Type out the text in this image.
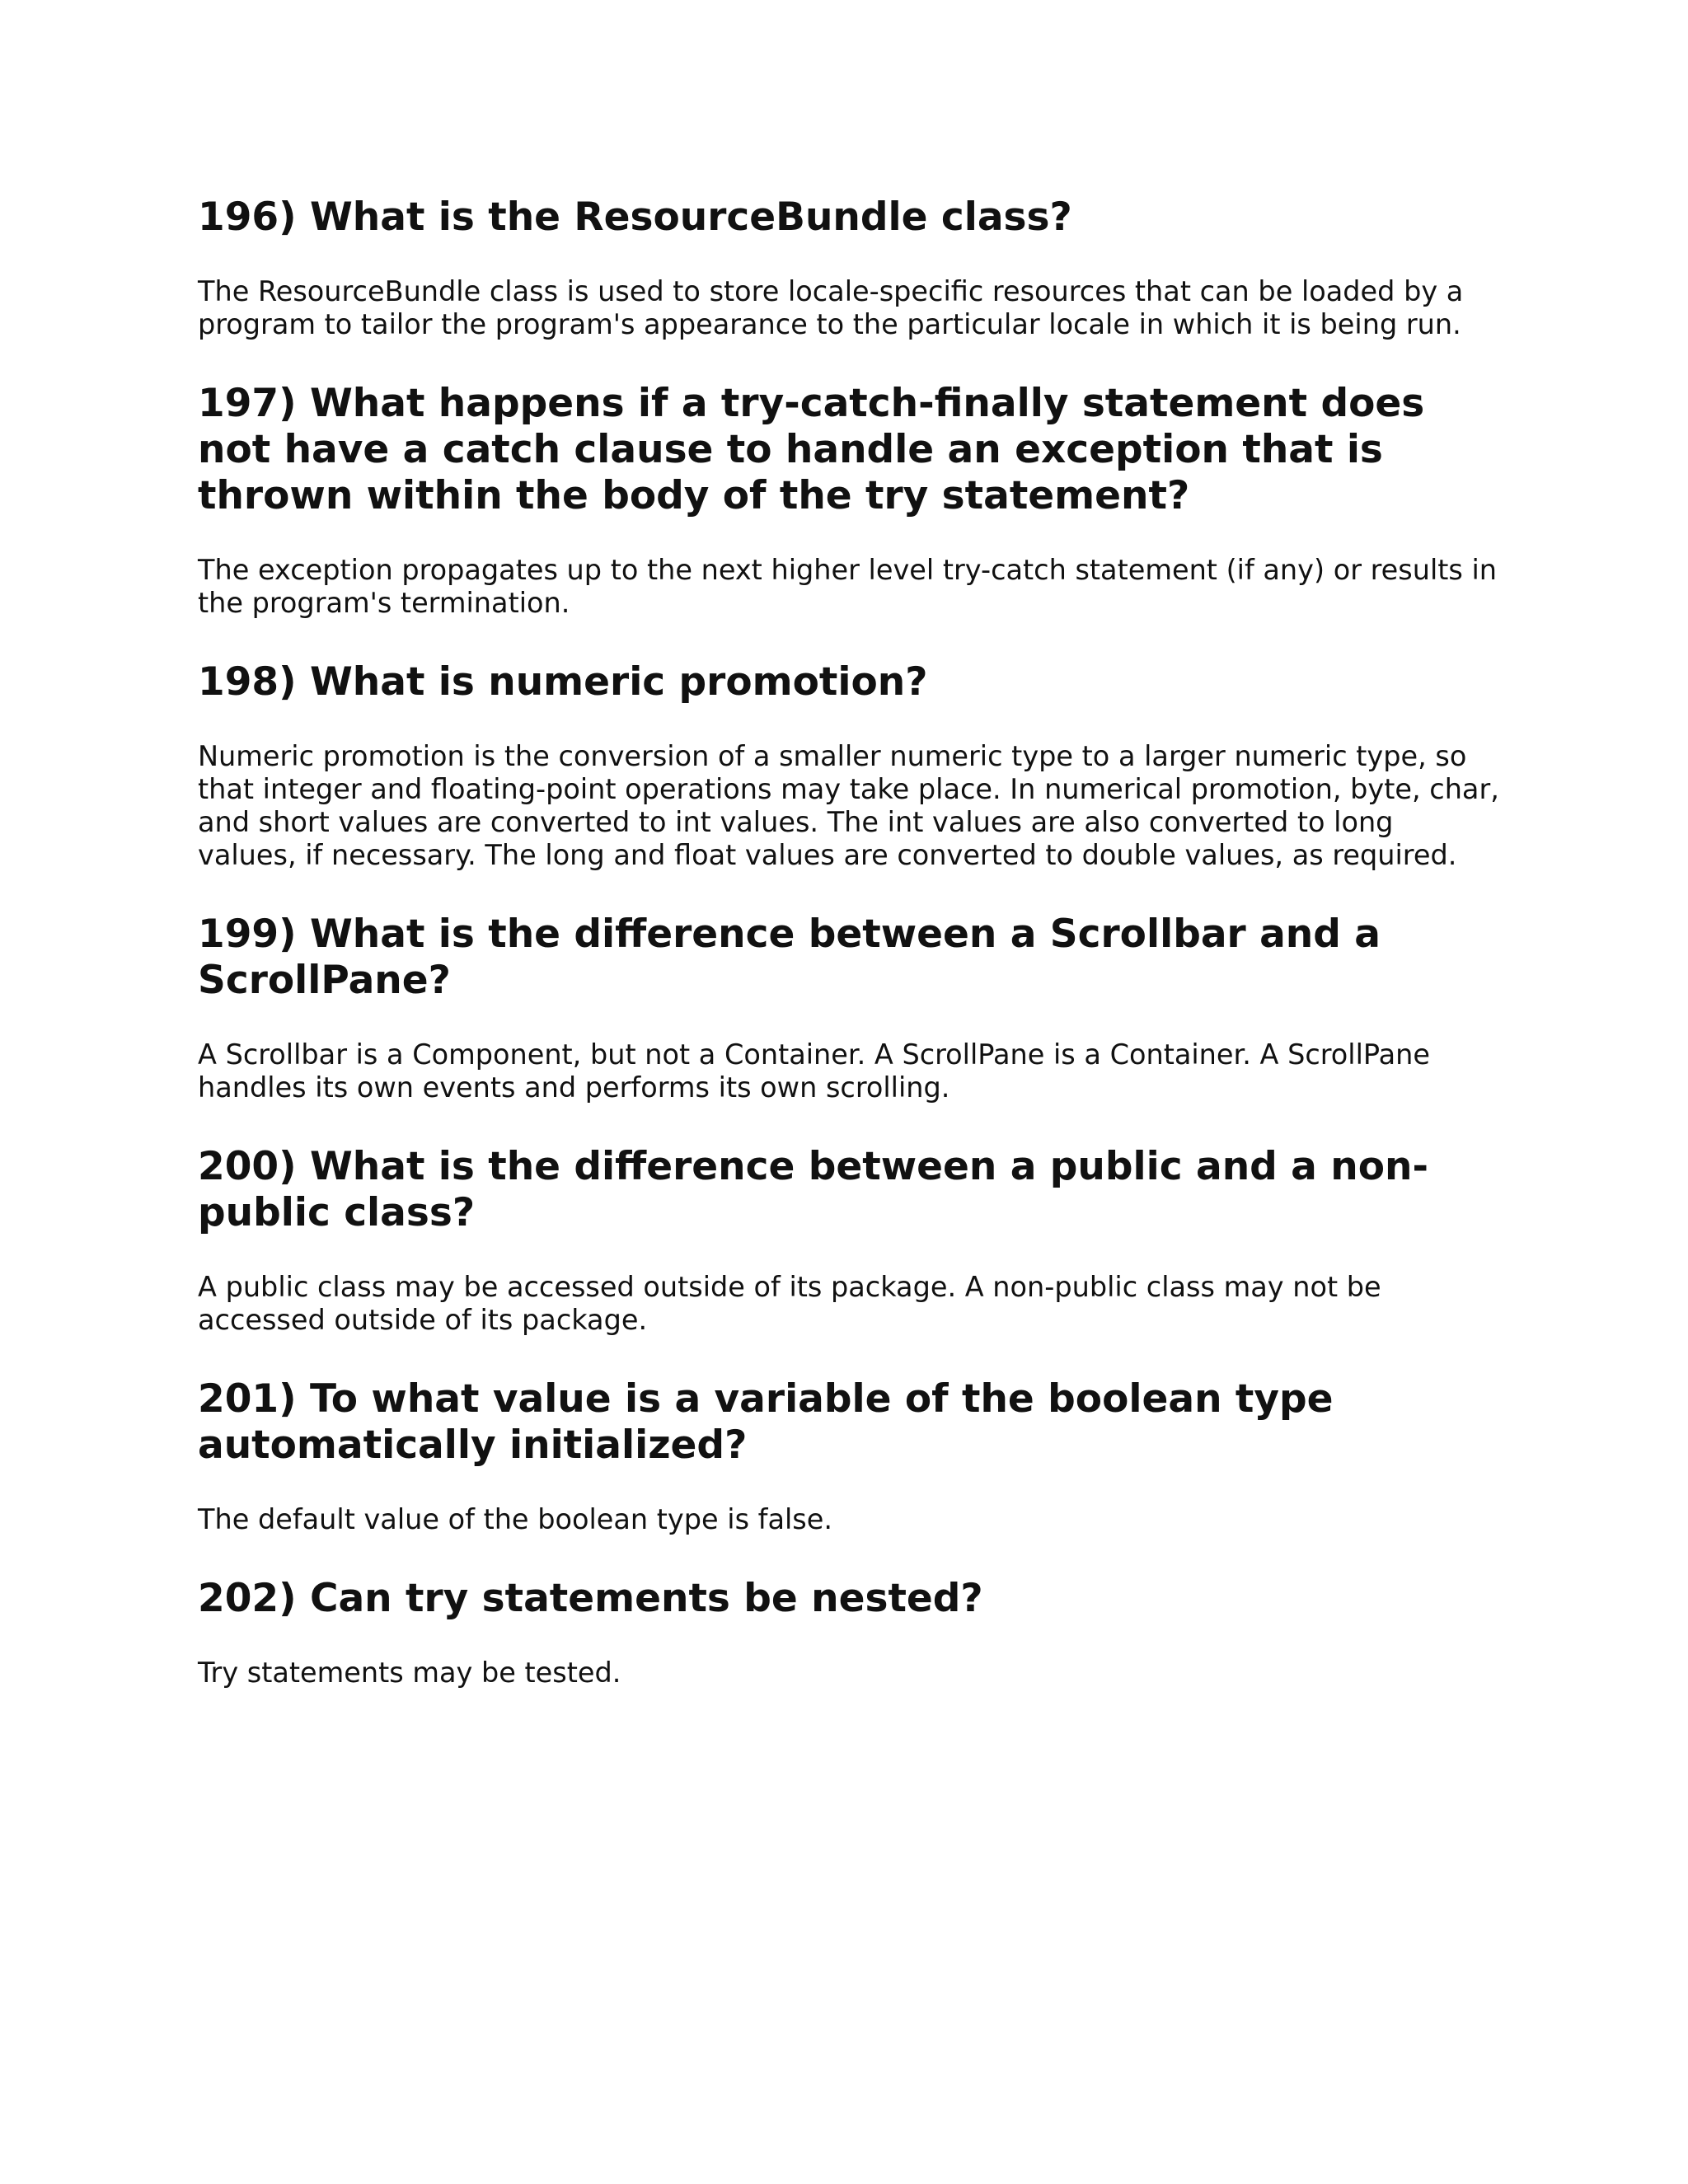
196) What is the ResourceBundle class?

The ResourceBundle class is used to store locale-specific resources that can be loaded by a program to tailor the program's appearance to the particular locale in which it is being run.

197) What happens if a try-catch-finally statement does not have a catch clause to handle an exception that is thrown within the body of the try statement?

The exception propagates up to the next higher level try-catch statement (if any) or results in the program's termination.

198) What is numeric promotion?

Numeric promotion is the conversion of a smaller numeric type to a larger numeric type, so that integer and floating-point operations may take place. In numerical promotion, byte, char, and short values are converted to int values. The int values are also converted to long values, if necessary. The long and float values are converted to double values, as required.

199) What is the difference between a Scrollbar and a ScrollPane?

A Scrollbar is a Component, but not a Container. A ScrollPane is a Container. A ScrollPane handles its own events and performs its own scrolling.

200) What is the difference between a public and a non-public class?

A public class may be accessed outside of its package. A non-public class may not be accessed outside of its package.

201) To what value is a variable of the boolean type automatically initialized?

The default value of the boolean type is false.

202) Can try statements be nested?

Try statements may be tested.
